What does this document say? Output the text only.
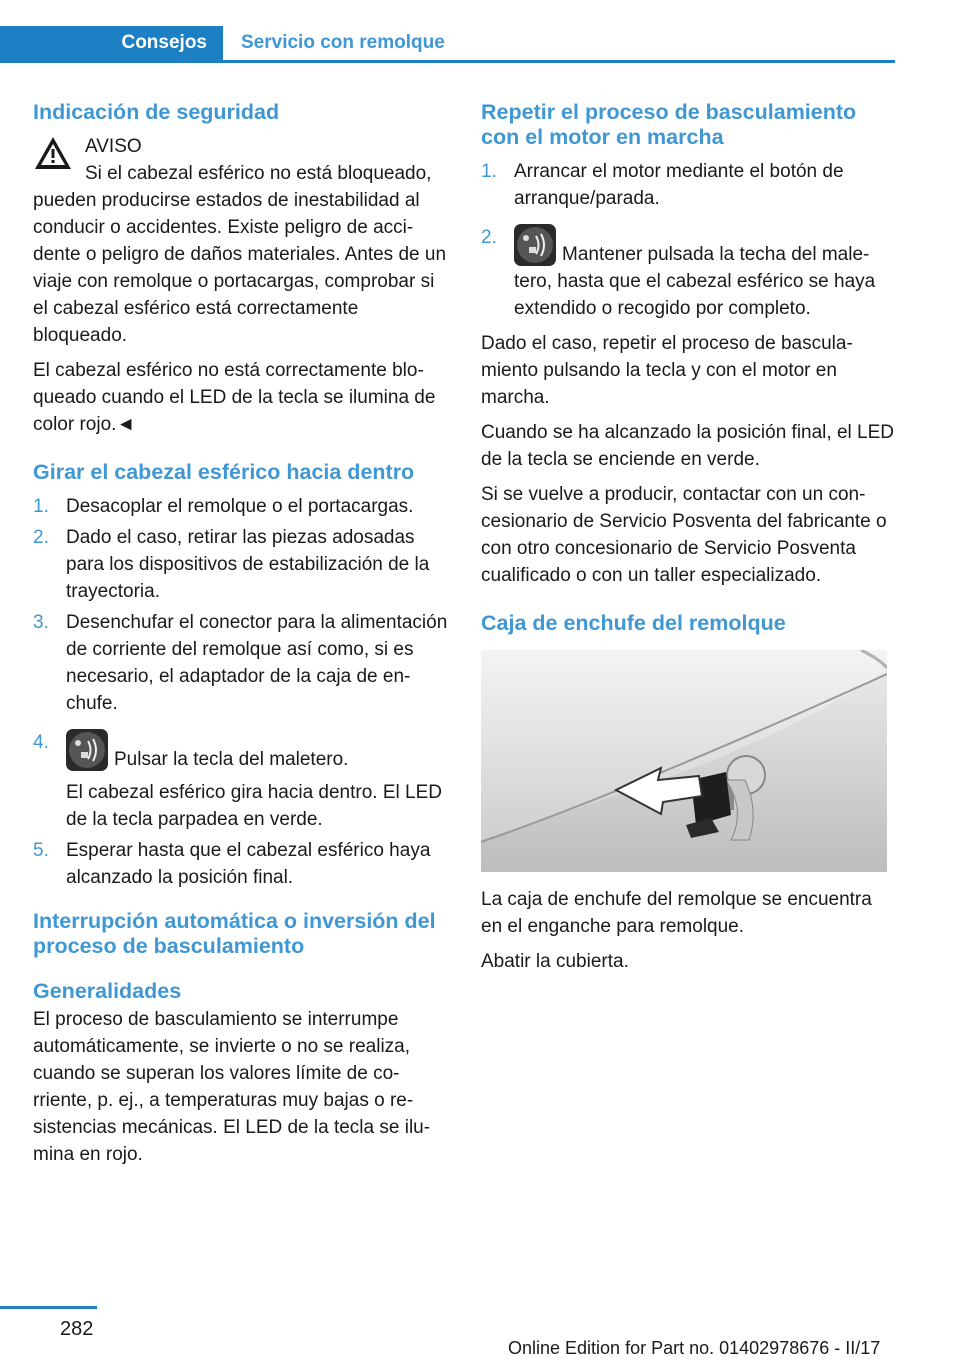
Consejos Servicio con remolque
Indicación de seguridad

AVISO

Si el cabezal esférico no está bloqueado, pueden producirse estados de inestabilidad al conducir o accidentes. Existe peligro de accidente o peligro de daños materiales. Antes de un viaje con remolque o portacargas, comprobar si el cabezal esférico está correctamente bloqueado.

El cabezal esférico no está correctamente bloqueado cuando el LED de la tecla se ilumina de color rojo.◄

Girar el cabezal esférico hacia dentro
1. Desacoplar el remolque o el portacargas.
2. Dado el caso, retirar las piezas adosadas para los dispositivos de estabilización de la trayectoria.
3. Desenchufar el conector para la alimentación de corriente del remolque así como, si es necesario, el adaptador de la caja de enchufe.
4.
Pulsar la tecla del maletero.

El cabezal esférico gira hacia dentro. El LED de la tecla parpadea en verde.

5. Esperar hasta que el cabezal esférico haya alcanzado la posición final.
Interrupción automática o inversión del proceso de basculamiento
Generalidades

El proceso de basculamiento se interrumpe automáticamente, se invierte o no se realiza, cuando se superan los valores límite de corriente, p. ej., a temperaturas muy bajas o resistencias mecánicas. El LED de la tecla se ilumina en rojo.

Repetir el proceso de basculamiento con el motor en marcha
1. Arrancar el motor mediante el botón de arranque/parada.
2.
Mantener pulsada la techa del maletero, hasta que el cabezal esférico se haya extendido o recogido por completo.

Dado el caso, repetir el proceso de basculamiento pulsando la tecla y con el motor en marcha.

Cuando se ha alcanzado la posición final, el LED de la tecla se enciende en verde.

Si se vuelve a producir, contactar con un concesionario de Servicio Posventa del fabricante o con otro concesionario de Servicio Posventa cualificado o con un taller especializado.

Caja de enchufe del remolque

La caja de enchufe del remolque se encuentra en el enganche para remolque.

Abatir la cubierta.

282
Online Edition for Part no. 01402978676 - II/17
